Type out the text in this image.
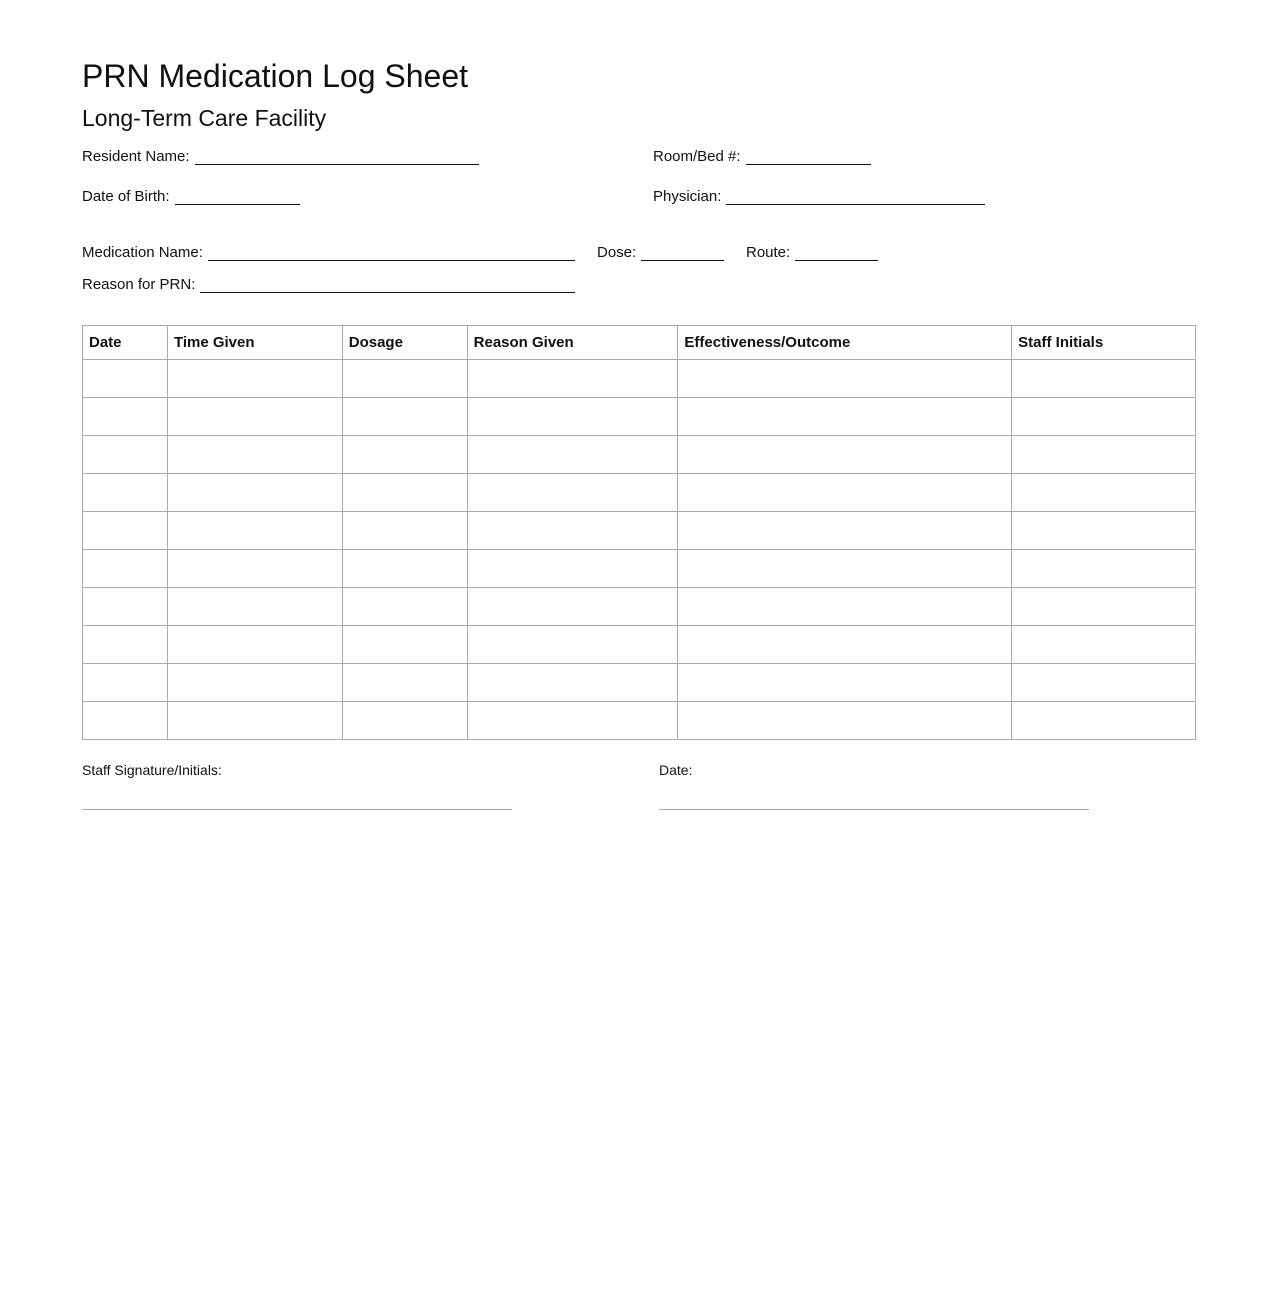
PRN Medication Log Sheet
Long-Term Care Facility
Resident Name:	Room/Bed #:
Date of Birth:	Physician:
Medication Name:	Dose:	Route:
Reason for PRN:
Date	Time Given	Dosage	Reason Given	Effectiveness/Outcome	Staff Initials

Staff Signature/Initials:	Date:
